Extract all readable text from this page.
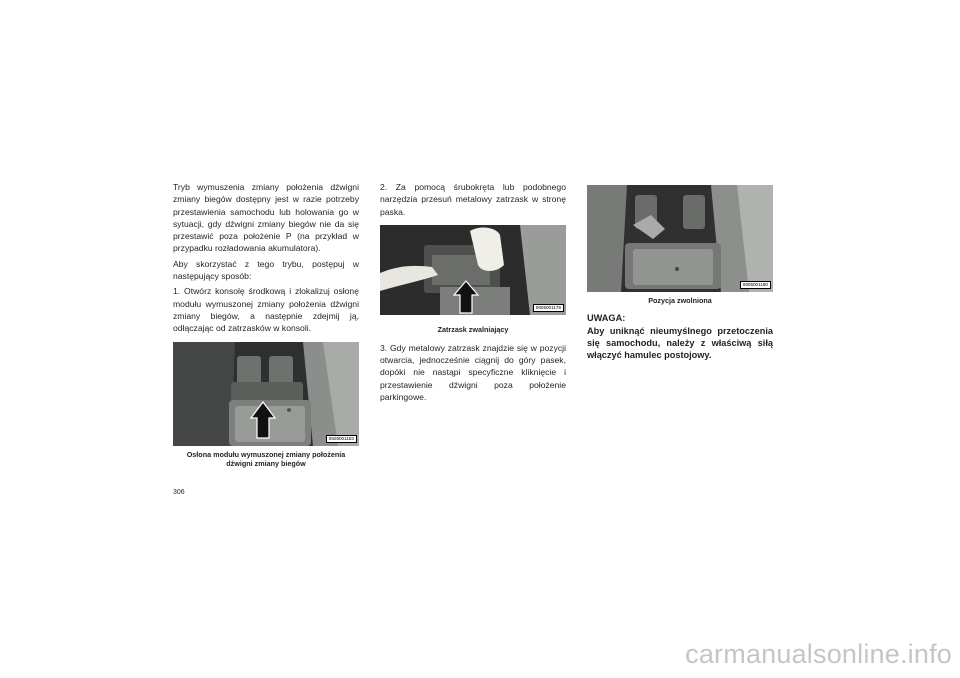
Tryb wymuszenia zmiany położenia dźwigni zmiany biegów dostępny jest w razie potrzeby przestawienia samochodu lub holowania go w sytuacji, gdy dźwigni zmiany biegów nie da się przestawić poza położenie P (na przykład w przypadku rozładowania akumulatora).

Aby skorzystać z tego trybu, postępuj w następujący sposób:

1. Otwórz konsolę środkową i zlokalizuj osłonę modułu wymuszonej zmiany położenia dźwigni zmiany biegów, a następnie zdejmij ją, odłączając od zatrzasków w konsoli.

0605001183
Osłona modułu wymuszonej zmiany położenia dźwigni zmiany biegów

2. Za pomocą śrubokręta lub podobnego narzędzia przesuń metalowy zatrzask w stronę paska.

0605001179
Zatrzask zwalniający

3. Gdy metalowy zatrzask znajdzie się w pozycji otwarcia, jednocześnie ciągnij do góry pasek, dopóki nie nastąpi specyficzne kliknięcie i przestawienie dźwigni poza położenie parkingowe.

0605001180
Pozycja zwolniona
UWAGA:

Aby uniknąć nieumyślnego przetoczenia się samochodu, należy z właściwą siłą włączyć hamulec postojowy.

306
carmanualsonline.info
